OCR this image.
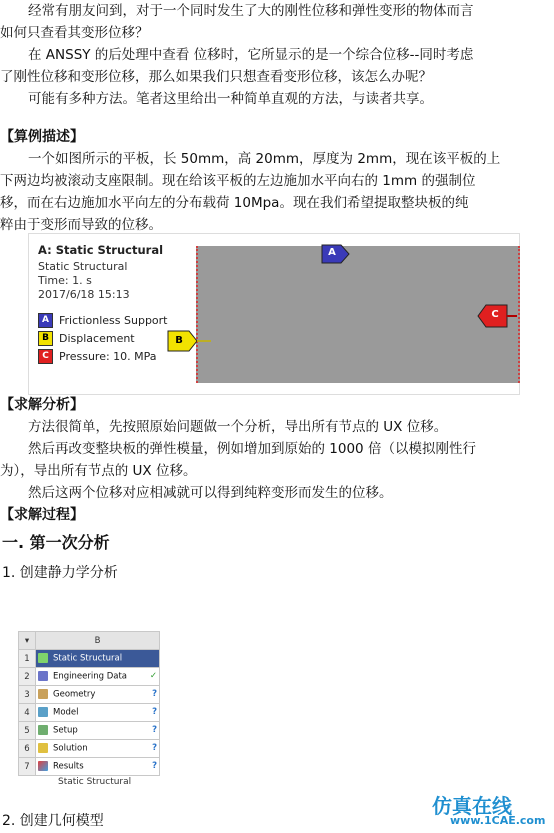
经常有朋友问到，对于一个同时发生了大的刚性位移和弹性变形的物体而言

如何只查看其变形位移？

在 ANSSY 的后处理中查看 位移时，它所显示的是一个综合位移--同时考虑

了刚性位移和变形位移，那么如果我们只想查看变形位移，该怎么办呢？

可能有多种方法。笔者这里给出一种简单直观的方法，与读者共享。

【算例描述】

一个如图所示的平板，长 50mm，高 20mm，厚度为 2mm，现在该平板的上

下两边均被滚动支座限制。现在给该平板的左边施加水平向右的 1mm 的强制位

移，而在右边施加水平向左的分布载荷 10Mpa。现在我们希望提取整块板的纯

粹由于变形而导致的位移。

A: Static Structural
Static Structural
Time: 1. s
2017/6/18 15:13
A Frictionless Support
B Displacement
C Pressure: 10. MPa
A
B
C

【求解分析】

方法很简单，先按照原始问题做一个分析，导出所有节点的 UX 位移。

然后再改变整块板的弹性模量，例如增加到原始的 1000 倍（以模拟刚性行

为），导出所有节点的 UX 位移。

然后这两个位移对应相减就可以得到纯粹变形而发生的位移。

【求解过程】

一. 第一次分析

1. 创建静力学分析

▾	B
1	Static Structural
2	Engineering Data ✓

3	Geometry ?

4	Model ?

5	Setup ?

6	Solution ?

7	Results ?
Static Structural

2. 创建几何模型

仿真在线
www.1CAE.com
